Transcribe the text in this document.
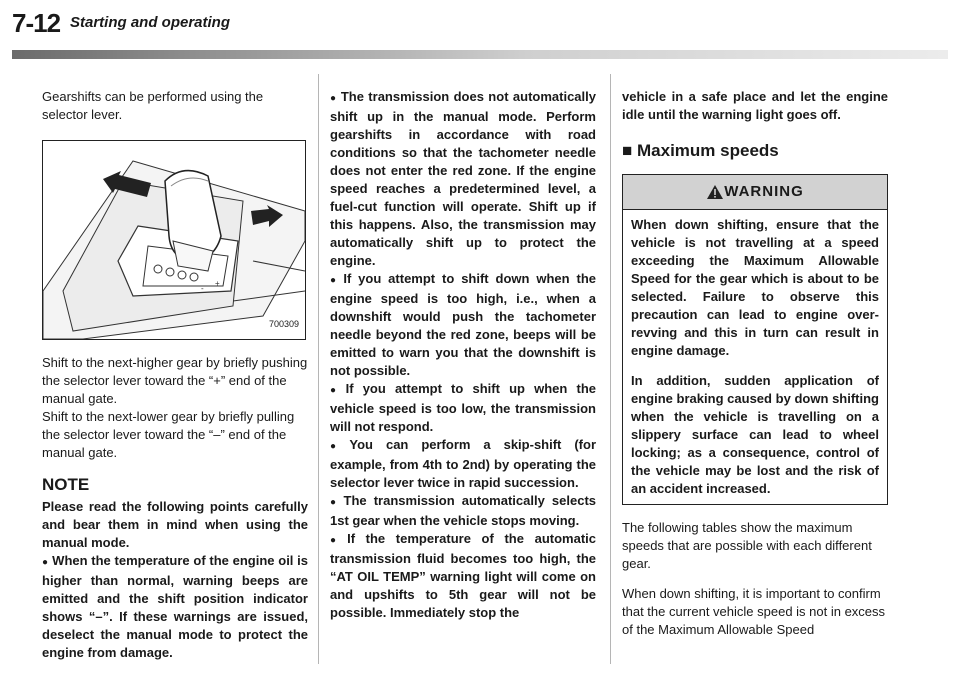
7-12 Starting and operating

Gearshifts can be performed using the selector lever.

+
-
700309

Shift to the next-higher gear by briefly pushing the selector lever toward the “+” end of the manual gate.

Shift to the next-lower gear by briefly pulling the selector lever toward the “–” end of the manual gate.

NOTE

Please read the following points carefully and bear them in mind when using the manual mode.

● When the temperature of the engine oil is higher than normal, warning beeps are emitted and the shift position indicator shows “–”. If these warnings are issued, deselect the manual mode to protect the engine from damage.

● The transmission does not automatically shift up in the manual mode. Perform gearshifts in accordance with road conditions so that the tachometer needle does not enter the red zone. If the engine speed reaches a predetermined level, a fuel-cut function will operate. Shift up if this happens. Also, the transmission may automatically shift up to protect the engine.

● If you attempt to shift down when the engine speed is too high, i.e., when a downshift would push the tachometer needle beyond the red zone, beeps will be emitted to warn you that the downshift is not possible.

● If you attempt to shift up when the vehicle speed is too low, the transmission will not respond.

● You can perform a skip-shift (for example, from 4th to 2nd) by operating the selector lever twice in rapid succession.

● The transmission automatically selects 1st gear when the vehicle stops moving.

● If the temperature of the automatic transmission fluid becomes too high, the “AT OIL TEMP” warning light will come on and upshifts to 5th gear will not be possible. Immediately stop the

vehicle in a safe place and let the engine idle until the warning light goes off.

■ Maximum speeds
WARNING

When down shifting, ensure that the vehicle is not travelling at a speed exceeding the Maximum Allowable Speed for the gear which is about to be selected. Failure to observe this precaution can lead to engine over-revving and this in turn can result in engine damage.

In addition, sudden application of engine braking caused by down shifting when the vehicle is travelling on a slippery surface can lead to wheel locking; as a consequence, control of the vehicle may be lost and the risk of an accident increased.

The following tables show the maximum speeds that are possible with each different gear.

When down shifting, it is important to confirm that the current vehicle speed is not in excess of the Maximum Allowable Speed
